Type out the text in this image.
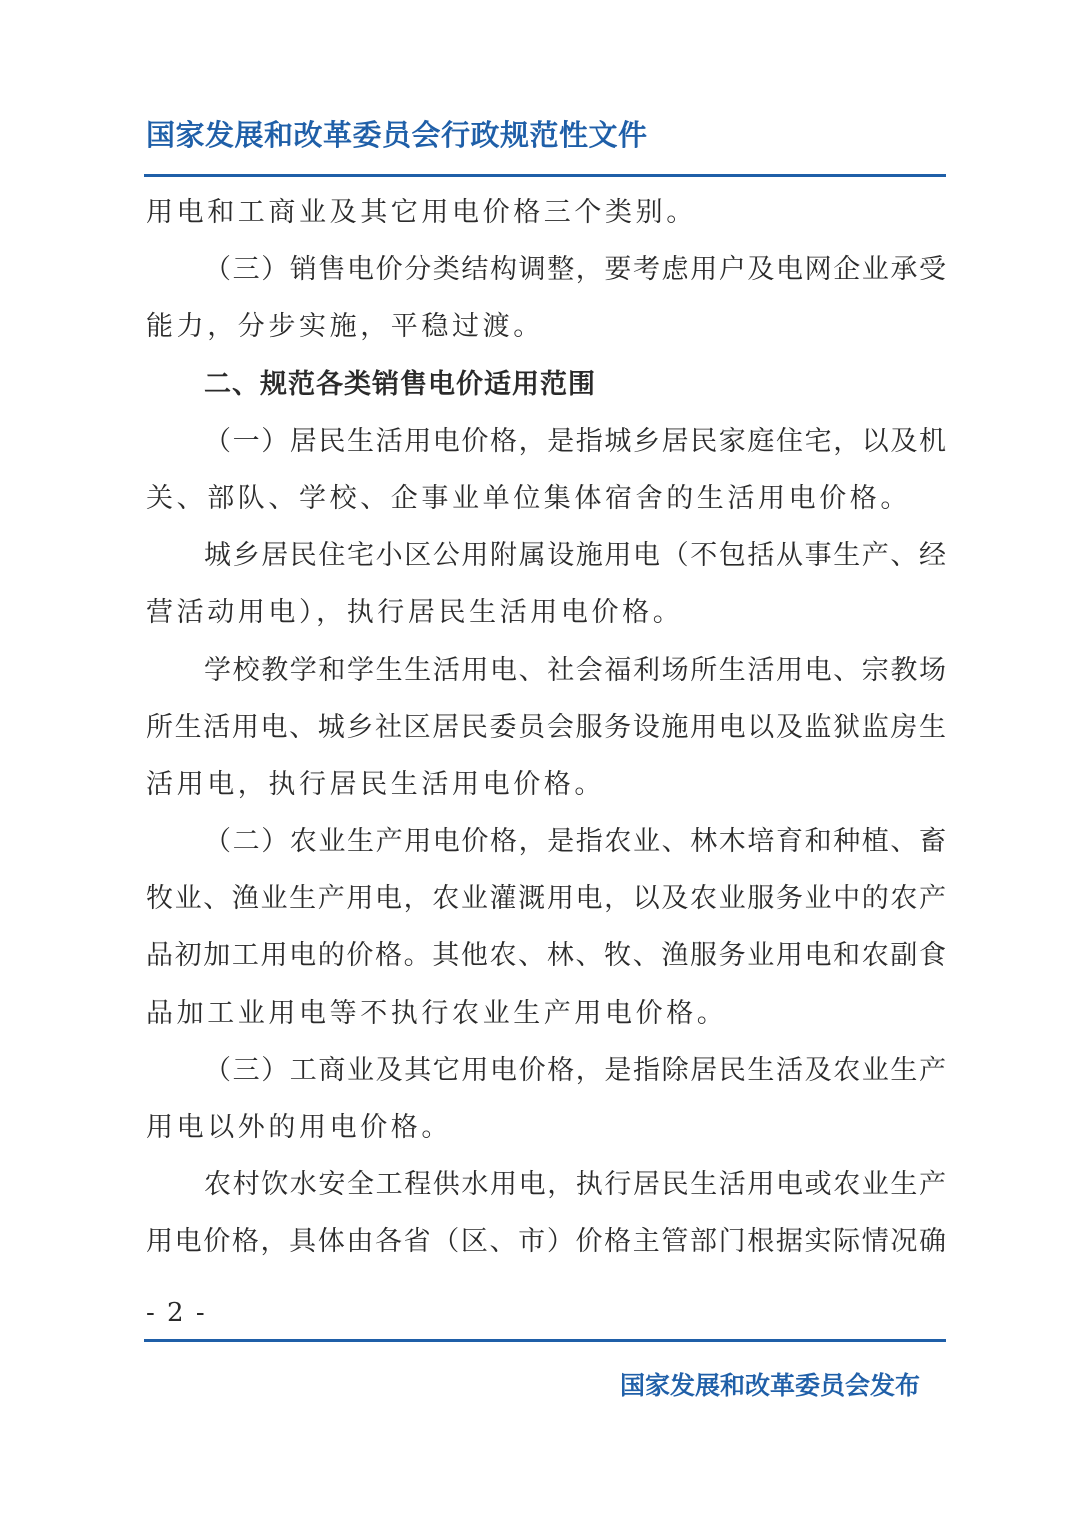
国家发展和改革委员会行政规范性文件
用电和工商业及其它用电价格三个类别。
（三）销售电价分类结构调整，要考虑用户及电网企业承受
能力，分步实施，平稳过渡。
二、规范各类销售电价适用范围
（一）居民生活用电价格，是指城乡居民家庭住宅，以及机
关、部队、学校、企事业单位集体宿舍的生活用电价格。
城乡居民住宅小区公用附属设施用电（不包括从事生产、经
营活动用电），执行居民生活用电价格。
学校教学和学生生活用电、社会福利场所生活用电、宗教场
所生活用电、城乡社区居民委员会服务设施用电以及监狱监房生
活用电，执行居民生活用电价格。
（二）农业生产用电价格，是指农业、林木培育和种植、畜
牧业、渔业生产用电，农业灌溉用电，以及农业服务业中的农产
品初加工用电的价格。其他农、林、牧、渔服务业用电和农副食
品加工业用电等不执行农业生产用电价格。
（三）工商业及其它用电价格，是指除居民生活及农业生产
用电以外的用电价格。
农村饮水安全工程供水用电，执行居民生活用电或农业生产
用电价格，具体由各省（区、市）价格主管部门根据实际情况确
- 2 -
国家发展和改革委员会发布
